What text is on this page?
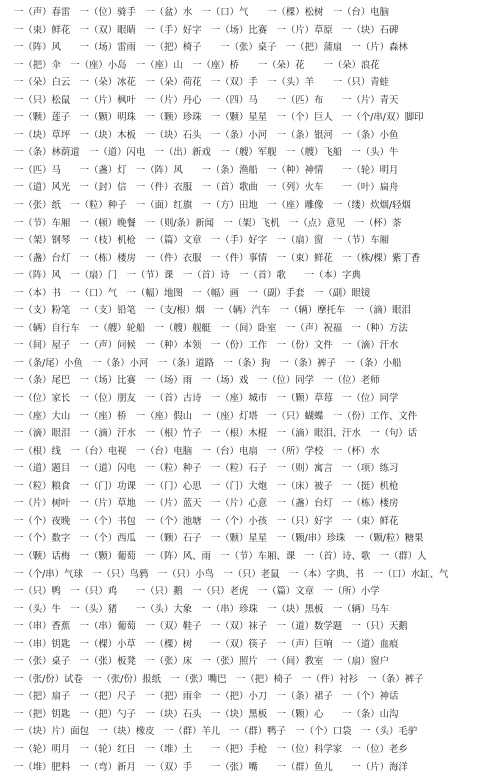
一（声）春雷　一（位）骑手　一（盆）水　一（口）气　　一（棵）松树　一（台）电脑
一（束）鲜花　一（双）眼睛　一（手）好字　一（场）比赛　一（片）草原　一（块）石碑
一（阵）风　　一（场）雷雨　一（把）椅子　　一（张）桌子　一（把）蒲扇　一（片）森林
一（把）伞　一（座）小岛　一（座）山　一（座）桥　　一（朵）花　　一（朵）浪花
一（朵）白云　一（朵）冰花　一（朵）荷花　一（双）手　一（头）羊　　一（只）青蛙
一（只）松鼠　一（片）枫叶　一（片）丹心　一（四）马　　一（匹）布　　一（片）青天
一（颗）莲子　一（颗）明珠　一（颗）珍珠　一（颗）星星　一（个）巨人　一（个/串/双）脚印
一（块）草坪　一（块）木板　一（块）石头　一（条）小河　一（条）银河　一（条）小鱼
一（条）林荫道　一（道）闪电　一（出）新戏　一（艘）军舰　一（艘）飞船　一（头）牛
一（匹）马　　一（盏）灯　一（阵）风　　一（条）渔船　一（种）神情　　一（轮）明月
一（道）风光　一（封）信　一（件）衣服　一（首）歌曲　一（列）火车　　一（叶）扁舟
一（张）纸　一（粒）种子　一（面）红旗　一（方）田地　一（座）雕像　一（缕）炊烟/轻烟
一（节）车厢　一（顿）晚餐　一（则/条）新闻　一（架）飞机　一（点）意见　一（杯）茶
一（架）钢琴　一（枝）机枪　一（篇）文章　一（手）好字　一（扇）窗　一（节）车厢
一（盏）台灯　一（栋）楼房　一（件）衣服　一（件）事情　一（束）鲜花　一（株/棵）紫丁香
一（阵）风　一（扇）门　一（节）课　一（首）诗　一（首）歌　　一（本）字典
一（本）书　一（口）气　一（幅）地图　一（幅）画　一（副）手套　一（副）眼镜
一（支）粉笔　一（支）铅笔　一（支/根）烟　一（辆）汽车　一（辆）摩托车　一（滴）眼泪
一（辆）自行车　一（艘）轮船　一（艘）舰艇　一（间）卧室　一（声）祝福　一（种）方法
一（间）屋子　一（声）问候　一（种）本领　一（份）工作　一（份）文件　一（滴）汗水
一（条/尾）小鱼　一（条）小河　一（条）道路　一（条）狗　一（条）裤子　一（条）小船
一（条）尾巴　一（场）比赛　一（场）雨　一（场）戏　一（位）同学　一（位）老师
一（位）家长　一（位）朋友　一（首）古诗　一（座）城市　一（颗）草莓　一（位）同学
一（座）大山　一（座）桥　一（座）假山　一（座）灯塔　一（只）蝴蝶　一（份）工作、文件
一（滴）眼泪　一（滴）汗水　一（根）竹子　一（根）木棍　一（滴）眼泪、汗水　一（句）话
一（根）线　一（台）电视　一（台）电脑　一（台）电扇　一（所）学校　一（杯）水
一（道）题目　一（道）闪电　一（粒）种子　一（粒）石子　一（则）寓言　一（项）练习
一（粒）粮食　一（门）功课　一（门）心思　一（门）大炮　一（床）被子　一（挺）机枪
一（片）树叶　一（片）草地　一（片）蓝天　一（片）心意　一（盏）台灯　一（栋）楼房
一（个）夜晚　一（个）书包　一（个）池塘　一（个）小孩　一（只）好字　一（束）鲜花
一（个）数字　一（个）西瓜　一（颗）石子　一（颗）星星　一（颗/串）珍珠　一（颗/粒）糖果
一（颗）话梅　一（颗）葡萄　一（阵）风、雨　一（节）车厢、课　一（首）诗、歌　一（群）人
一（个/串）气球　一（只）鸟鸦　一（只）小鸟　一（只）老鼠　一（本）字典、书　一（口）水缸、气
一（只）鸭　一（只）鸡　　一（只）鹅　一（只）老虎　一（篇）文章　一（所）小学
一（头）牛　一（头）猪　　一（头）大象　一（串）珍珠　一（块）黑板　一（辆）马车
一（串）香蕉　一（串）葡萄　一（双）鞋子　一（双）袜子　一（道）数学题　一（只）天鹅
一（串）钥匙　一（棵）小草　一（棵）树　　一（双）筷子　一（声）巨响　一（道）血痕
一（张）桌子　一（张）板凳　一（张）床　一（张）照片　一（间）教室　一（扇）窗户
一（张/份）试卷　一（张/份）报纸　一（张）嘴巴　一（把）椅子　一（件）衬衫　一（条）裤子
一（把）扇子　一（把）尺子　一（把）雨伞　一（把）小刀　一（条）裙子　一（个）神话
一（把）钥匙　一（把）勺子　一（块）石头　一（块）黑板　一（颗）心　　一（条）山沟
一（块）片）面包　一（块）橡皮　一（群）羊儿　一（群）鸭子　一（个）口袋　一（头）毛驴
一（轮）明月　一（轮）红日　一（堆）土　　一（把）手枪　一（位）科学家　一（位）老乡
一（堆）肥料　一（弯）新月　一（双）手　　一（张）嘴　　一（群）鱼儿　　一（片）海洋
